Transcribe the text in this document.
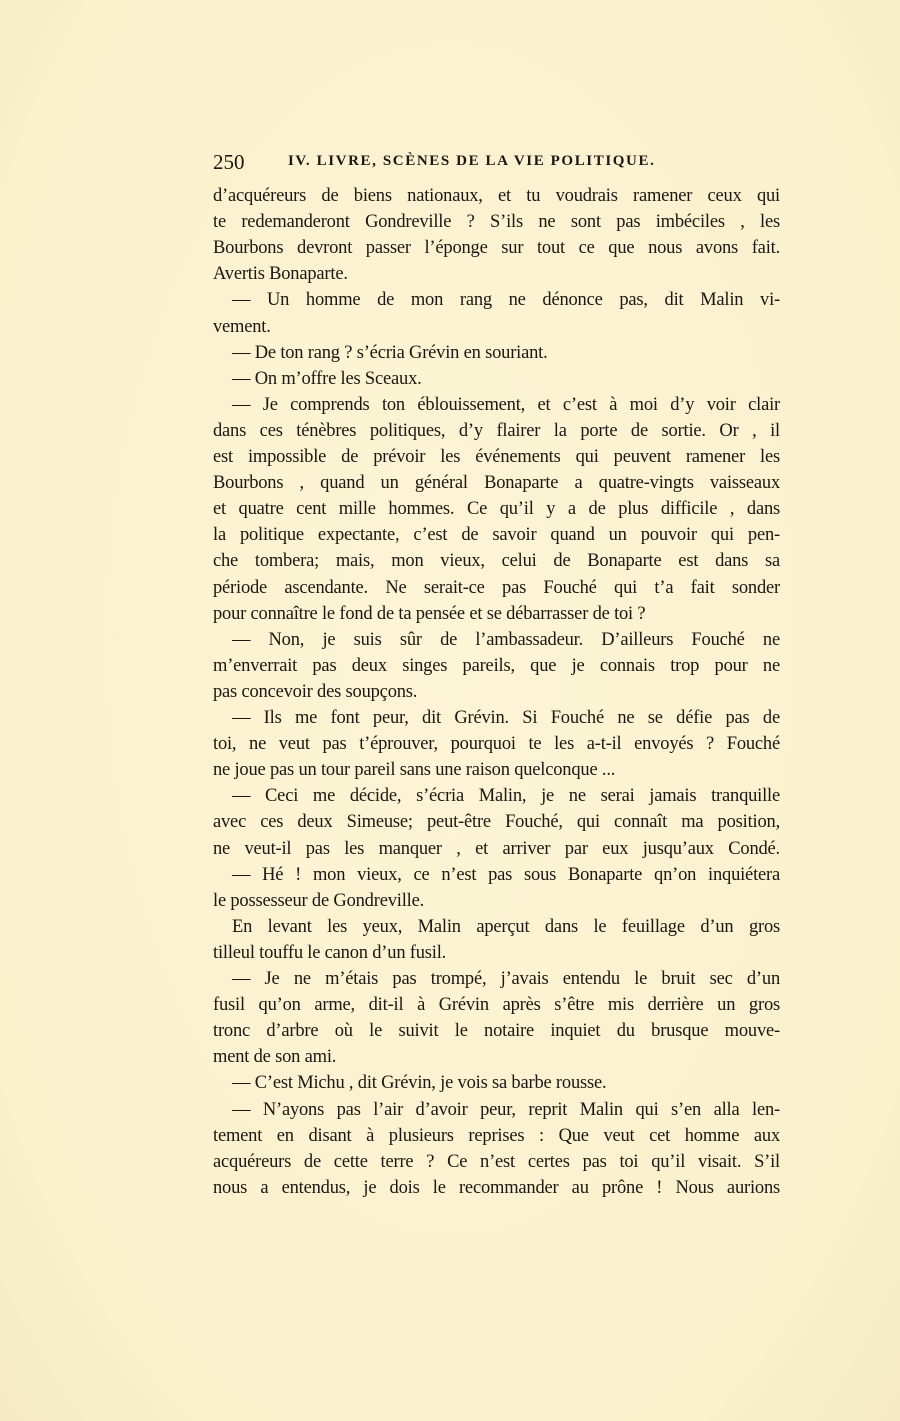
250	IV. LIVRE, SCÈNES DE LA VIE POLITIQUE.
d’acquéreurs de biens nationaux, et tu voudrais ramener ceux qui
te redemanderont Gondreville ? S’ils ne sont pas imbéciles , les
Bourbons devront passer l’éponge sur tout ce que nous avons fait.
Avertis Bonaparte.
— Un homme de mon rang ne dénonce pas, dit Malin vi-
vement.
— De ton rang ? s’écria Grévin en souriant.
— On m’offre les Sceaux.
— Je comprends ton éblouissement, et c’est à moi d’y voir clair
dans ces ténèbres politiques, d’y flairer la porte de sortie. Or , il
est impossible de prévoir les événements qui peuvent ramener les
Bourbons , quand un général Bonaparte a quatre-vingts vaisseaux
et quatre cent mille hommes. Ce qu’il y a de plus difficile , dans
la politique expectante, c’est de savoir quand un pouvoir qui pen-
che tombera; mais, mon vieux, celui de Bonaparte est dans sa
période ascendante. Ne serait-ce pas Fouché qui t’a fait sonder
pour connaître le fond de ta pensée et se débarrasser de toi ?
— Non, je suis sûr de l’ambassadeur. D’ailleurs Fouché ne
m’enverrait pas deux singes pareils, que je connais trop pour ne
pas concevoir des soupçons.
— Ils me font peur, dit Grévin. Si Fouché ne se défie pas de
toi, ne veut pas t’éprouver, pourquoi te les a-t-il envoyés ? Fouché
ne joue pas un tour pareil sans une raison quelconque ...
— Ceci me décide, s’écria Malin, je ne serai jamais tranquille
avec ces deux Simeuse; peut-être Fouché, qui connaît ma position,
ne veut-il pas les manquer , et arriver par eux jusqu’aux Condé.
— Hé ! mon vieux, ce n’est pas sous Bonaparte qn’on inquiétera
le possesseur de Gondreville.
En levant les yeux, Malin aperçut dans le feuillage d’un gros
tilleul touffu le canon d’un fusil.
— Je ne m’étais pas trompé, j’avais entendu le bruit sec d’un
fusil qu’on arme, dit-il à Grévin après s’être mis derrière un gros
tronc d’arbre où le suivit le notaire inquiet du brusque mouve-
ment de son ami.
— C’est Michu , dit Grévin, je vois sa barbe rousse.
— N’ayons pas l’air d’avoir peur, reprit Malin qui s’en alla len-
tement en disant à plusieurs reprises : Que veut cet homme aux
acquéreurs de cette terre ? Ce n’est certes pas toi qu’il visait. S’il
nous a entendus, je dois le recommander au prône ! Nous aurions
